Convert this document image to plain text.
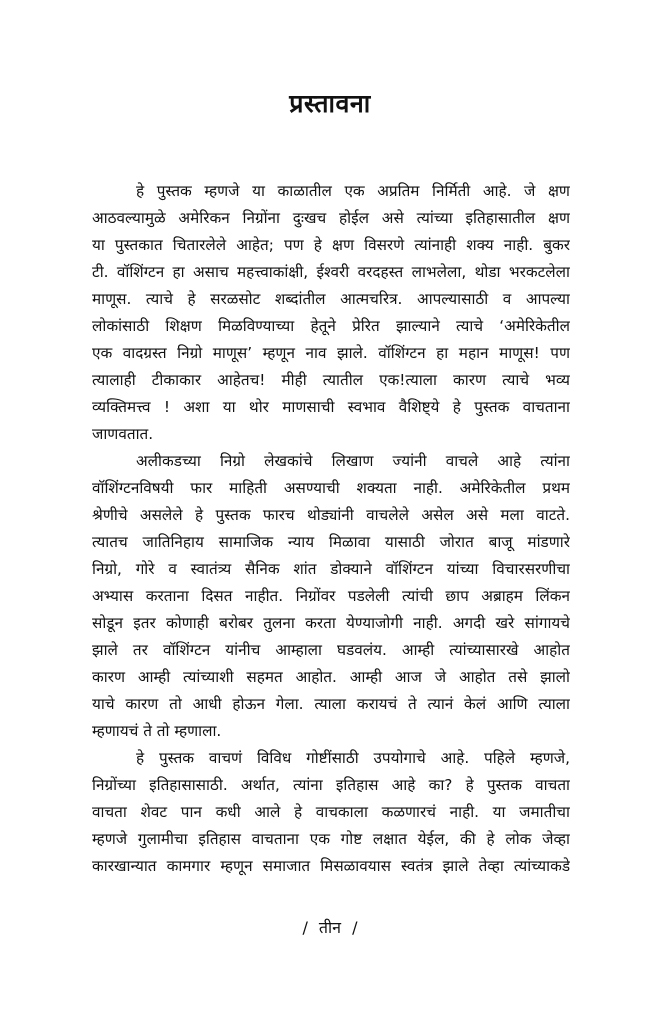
प्रस्तावना
हे पुस्तक म्हणजे या काळातील एक अप्रतिम निर्मिती आहे. जे क्षण
आठवल्यामुळे अमेरिकन निग्रोंना दुःखच होईल असे त्यांच्या इतिहासातील क्षण
या पुस्तकात चितारलेले आहेत; पण हे क्षण विसरणे त्यांनाही शक्य नाही. बुकर
टी. वॉशिंग्टन हा असाच महत्त्वाकांक्षी, ईश्वरी वरदहस्त लाभलेला, थोडा भरकटलेला
माणूस. त्याचे हे सरळसोट शब्दांतील आत्मचरित्र. आपल्यासाठी व आपल्या
लोकांसाठी शिक्षण मिळविण्याच्या हेतूने प्रेरित झाल्याने त्याचे ‘अमेरिकेतील
एक वादग्रस्त निग्रो माणूस’ म्हणून नाव झाले. वॉशिंग्टन हा महान माणूस! पण
त्यालाही टीकाकार आहेतच! मीही त्यातील एक!त्याला कारण त्याचे भव्य
व्यक्तिमत्त्व ! अशा या थोर माणसाची स्वभाव वैशिष्ट्ये हे पुस्तक वाचताना
जाणवतात.
अलीकडच्या निग्रो लेखकांचे लिखाण ज्यांनी वाचले आहे त्यांना
वॉशिंग्टनविषयी फार माहिती असण्याची शक्यता नाही. अमेरिकेतील प्रथम
श्रेणीचे असलेले हे पुस्तक फारच थोड्यांनी वाचलेले असेल असे मला वाटते.
त्यातच जातिनिहाय सामाजिक न्याय मिळावा यासाठी जोरात बाजू मांडणारे
निग्रो, गोरे व स्वातंत्र्य सैनिक शांत डोक्याने वॉशिंग्टन यांच्या विचारसरणीचा
अभ्यास करताना दिसत नाहीत. निग्रोंवर पडलेली त्यांची छाप अब्राहम लिंकन
सोडून इतर कोणाही बरोबर तुलना करता येण्याजोगी नाही. अगदी खरे सांगायचे
झाले तर वॉशिंग्टन यांनीच आम्हाला घडवलंय. आम्ही त्यांच्यासारखे आहोत
कारण आम्ही त्यांच्याशी सहमत आहोत. आम्ही आज जे आहोत तसे झालो
याचे कारण तो आधी होऊन गेला. त्याला करायचं ते त्यानं केलं आणि त्याला
म्हणायचं ते तो म्हणाला.
हे पुस्तक वाचणं विविध गोष्टींसाठी उपयोगाचे आहे. पहिले म्हणजे,
निग्रोंच्या इतिहासासाठी. अर्थात, त्यांना इतिहास आहे का? हे पुस्तक वाचता
वाचता शेवट पान कधी आले हे वाचकाला कळणारचं नाही. या जमातीचा
म्हणजे गुलामीचा इतिहास वाचताना एक गोष्ट लक्षात येईल, की हे लोक जेव्हा
कारखान्यात कामगार म्हणून समाजात मिसळावयास स्वतंत्र झाले तेव्हा त्यांच्याकडे
/ तीन /
